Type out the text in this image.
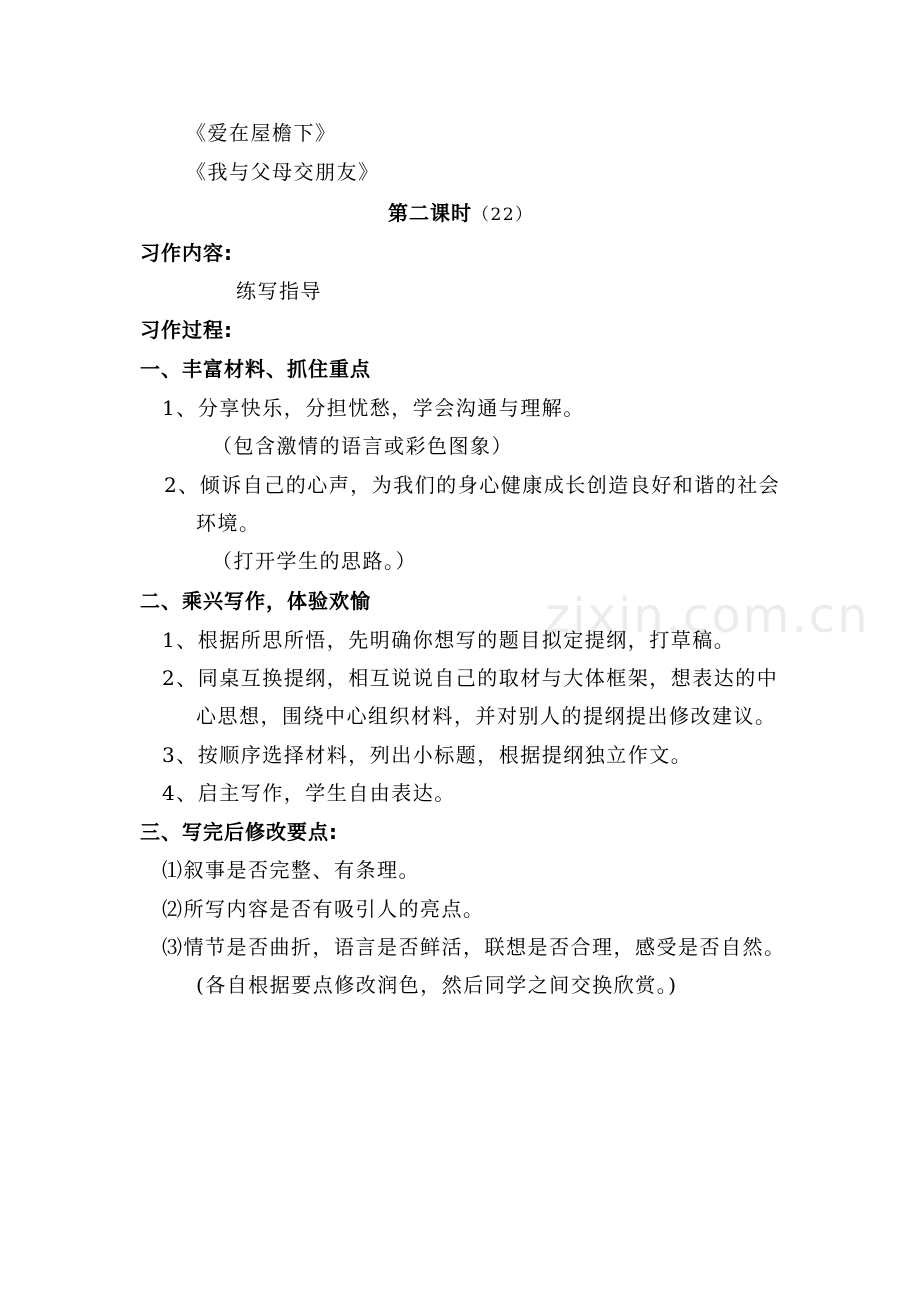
zixin.com.cn
《爱在屋檐下》
《我与父母交朋友》
第二课时（22）
习作内容:
练写指导
习作过程:
一、丰富材料、抓住重点
1、分享快乐，分担忧愁，学会沟通与理解。
（包含激情的语言或彩色图象）
2、倾诉自己的心声，为我们的身心健康成长创造良好和谐的社会
环境。
（打开学生的思路。）
二、乘兴写作，体验欢愉
1、根据所思所悟，先明确你想写的题目拟定提纲，打草稿。
2、同桌互换提纲，相互说说自己的取材与大体框架，想表达的中
心思想，围绕中心组织材料，并对别人的提纲提出修改建议。
3、按顺序选择材料，列出小标题，根据提纲独立作文。
4、启主写作，学生自由表达。
三、写完后修改要点:
⑴叙事是否完整、有条理。
⑵所写内容是否有吸引人的亮点。
⑶情节是否曲折，语言是否鲜活，联想是否合理，感受是否自然。
(各自根据要点修改润色，然后同学之间交换欣赏。)
